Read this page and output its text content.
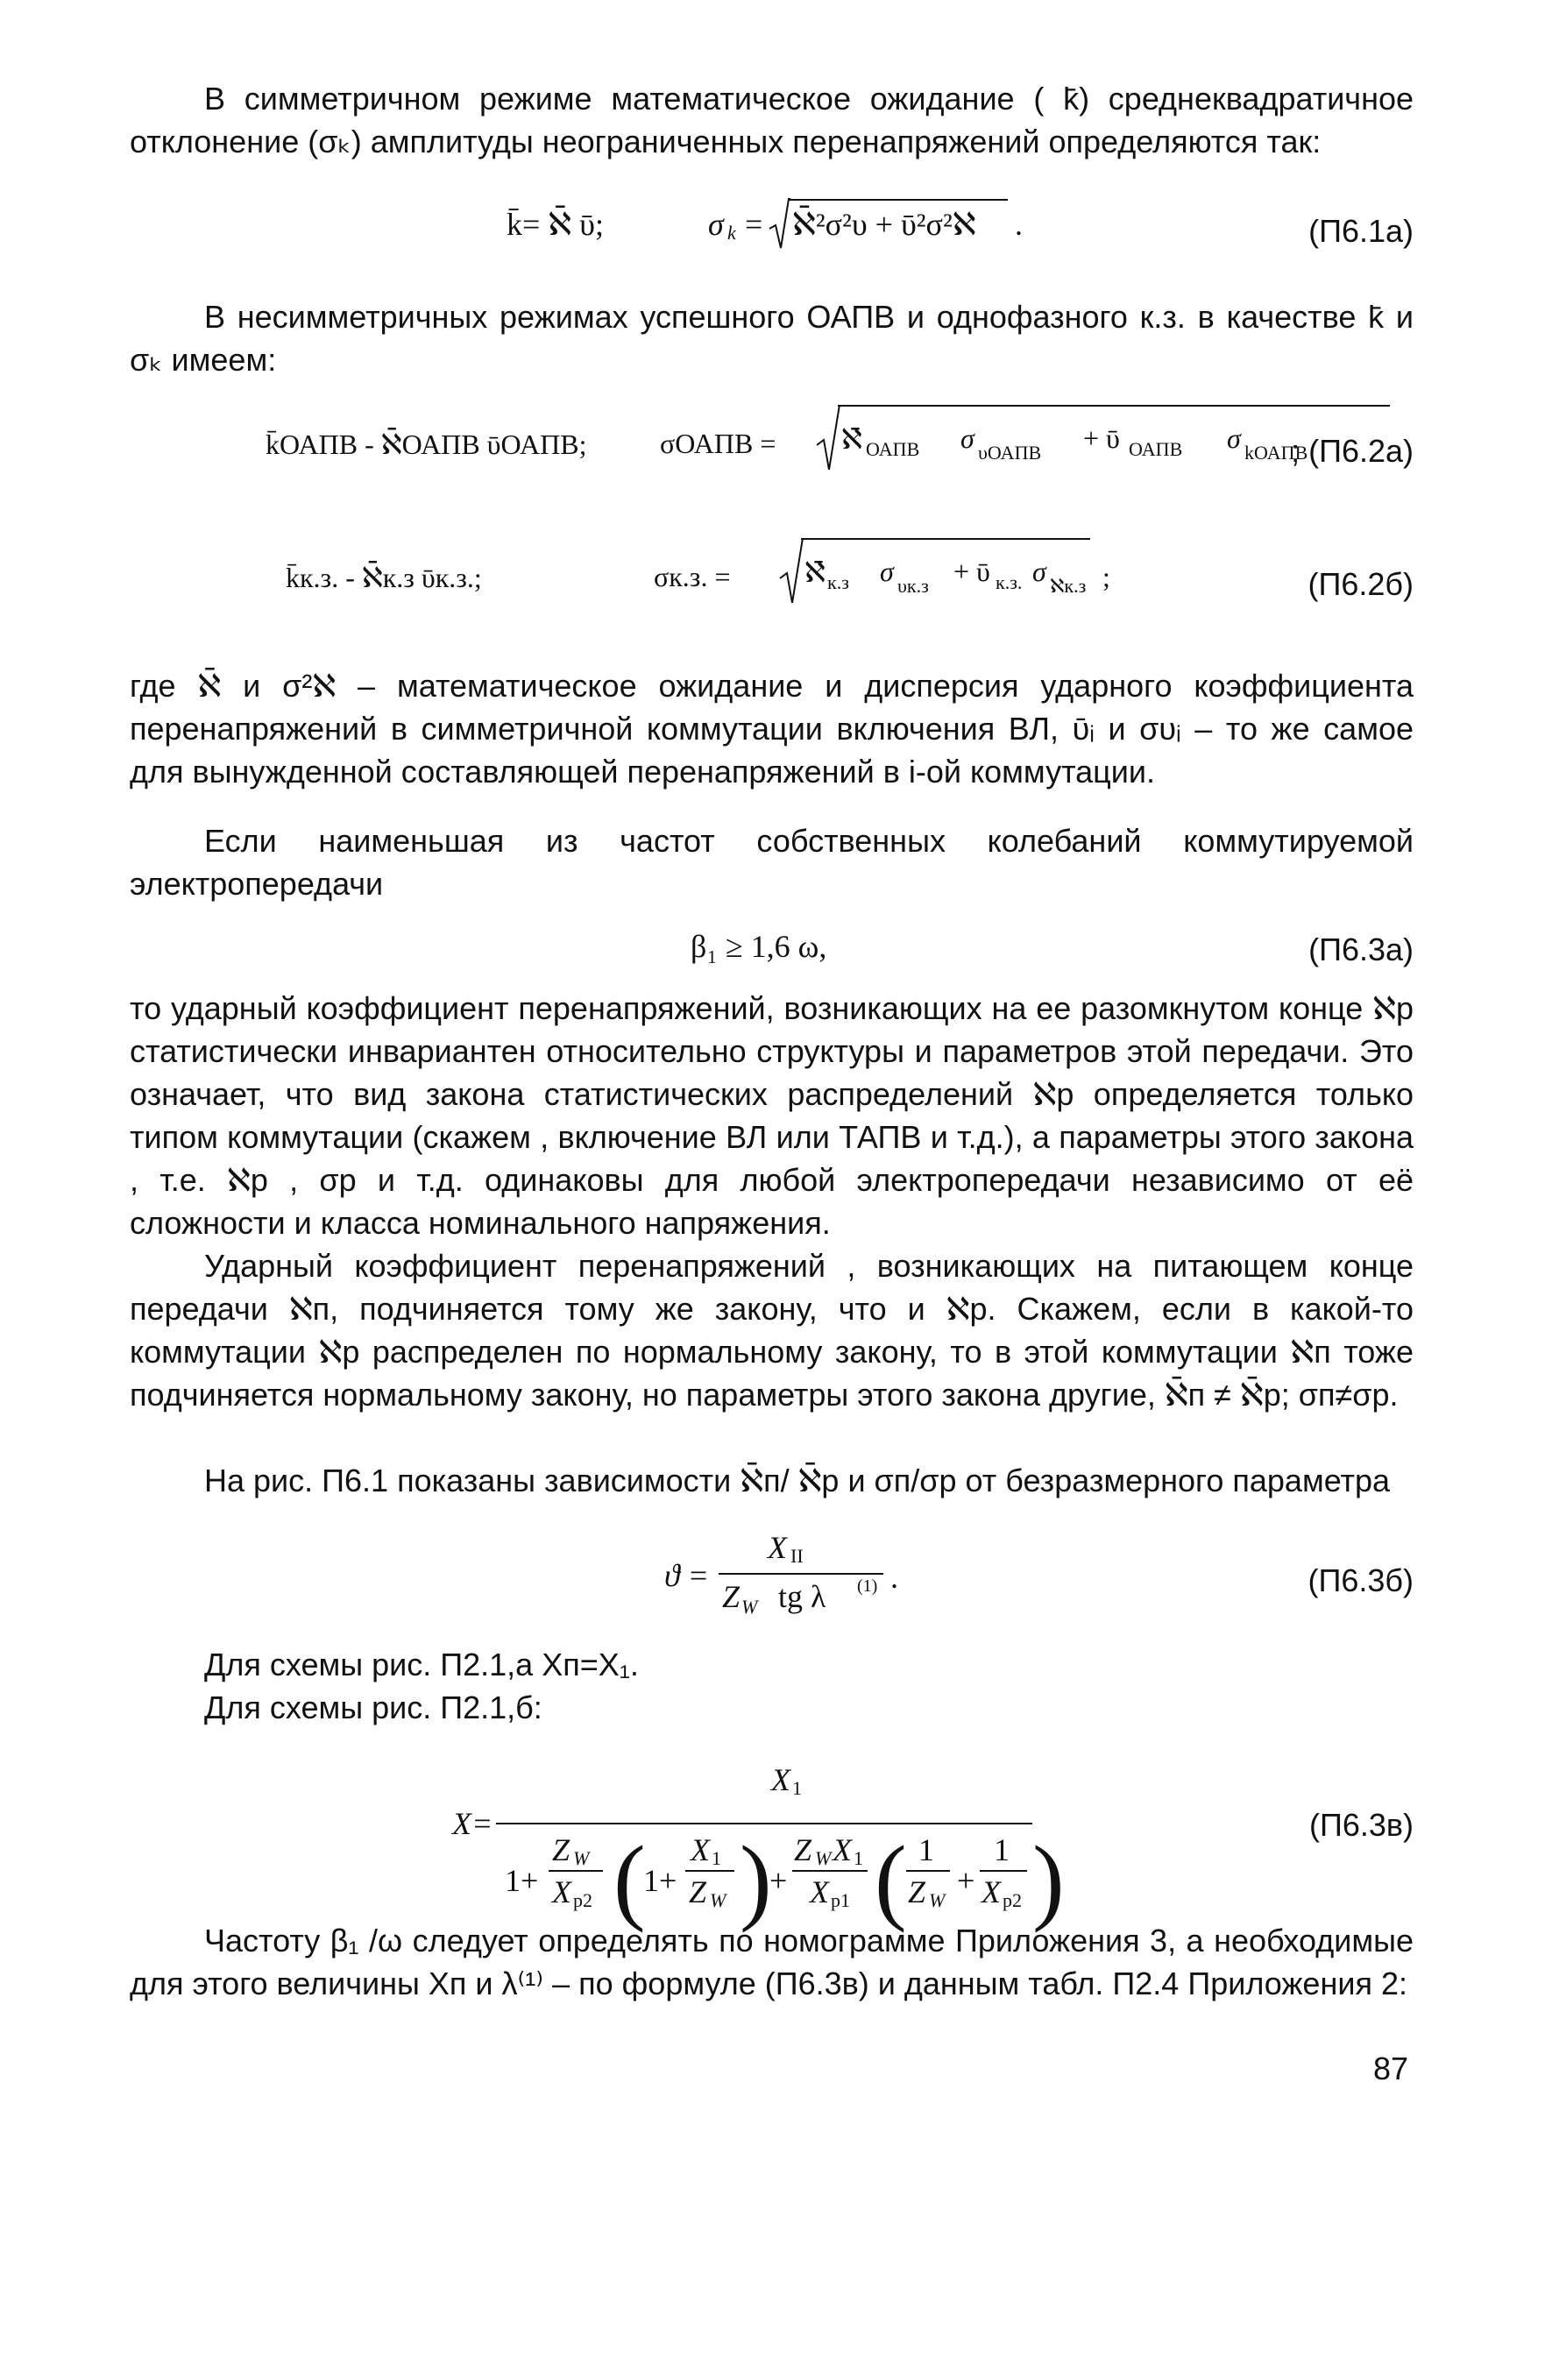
В симметричном режиме математическое ожидание ( k̄) среднеквадратичное отклонение (σₖ) амплитуды неограниченных перенапряжений определяются так:

k̄= ℵ̄ ῡ;	σ k = ℵ̄²σ²υ + ῡ²σ²ℵ .	(П6.1а)

В несимметричных режимах успешного ОАПВ и однофазного к.з. в качестве k̄ и σₖ имеем:

k̄ОАПВ - ℵ̄ОАПВ ῡОАПВ;	σОАПВ = ℵ̄ ОАПВ σ υОАПВ + ῡ ОАПВ σ kОАПВ
; (П6.2а)
k̄к.з. - ℵ̄к.з ῡк.з.;	σк.з. =	ℵ̄ к.з σ υк.з + ῡ к.з. σ ℵк.з ;	(П6.2б)

где ℵ̄ и σ²ℵ – математическое ожидание и дисперсия ударного коэффициента перенапряжений в симметричной коммутации включения ВЛ, ῡᵢ и συᵢ – то же самое для вынужденной составляющей перенапряжений в i-ой коммутации.

Если наименьшая из частот собственных колебаний коммутируемой электропередачи

β₁ ≥ 1,6 ω,	(П6.3а)

то ударный коэффициент перенапряжений, возникающих на ее разомкнутом конце ℵр статистически инвариантен относительно структуры и параметров этой передачи. Это означает, что вид закона статистических распределений ℵр определяется только типом коммутации (скажем , включение ВЛ или ТАПВ и т.д.), а параметры этого закона , т.е. ℵр , σр и т.д. одинаковы для любой электропередачи независимо от её сложности и класса номинального напряжения.

Ударный коэффициент перенапряжений , возникающих на питающем конце передачи ℵп, подчиняется тому же закону, что и ℵр. Скажем, если в какой-то коммутации ℵр распределен по нормальному закону, то в этой коммутации ℵп тоже подчиняется нормальному закону, но параметры этого закона другие, ℵ̄п ≠ ℵ̄р; σп≠σр.

На рис. П6.1 показаны зависимости ℵ̄п/ ℵ̄р и σп/σр от безразмерного параметра

ϑ =
X II
Z W tg λ (1) .	(П6.3б)

Для схемы рис. П2.1,а Xп=X₁.

Для схемы рис. П2.1,б:

X=
X 1
1+
Z W
X p2 (
1+
X 1
Z W )
+
Z W X 1
X p1 ( 1
Z W
+
1
X p2 )
(П6.3в)

Частоту β₁ /ω следует определять по номограмме Приложения 3, а необходимые для этого величины Xп и λ⁽¹⁾ – по формуле (П6.3в) и данным табл. П2.4 Приложения 2:

87
